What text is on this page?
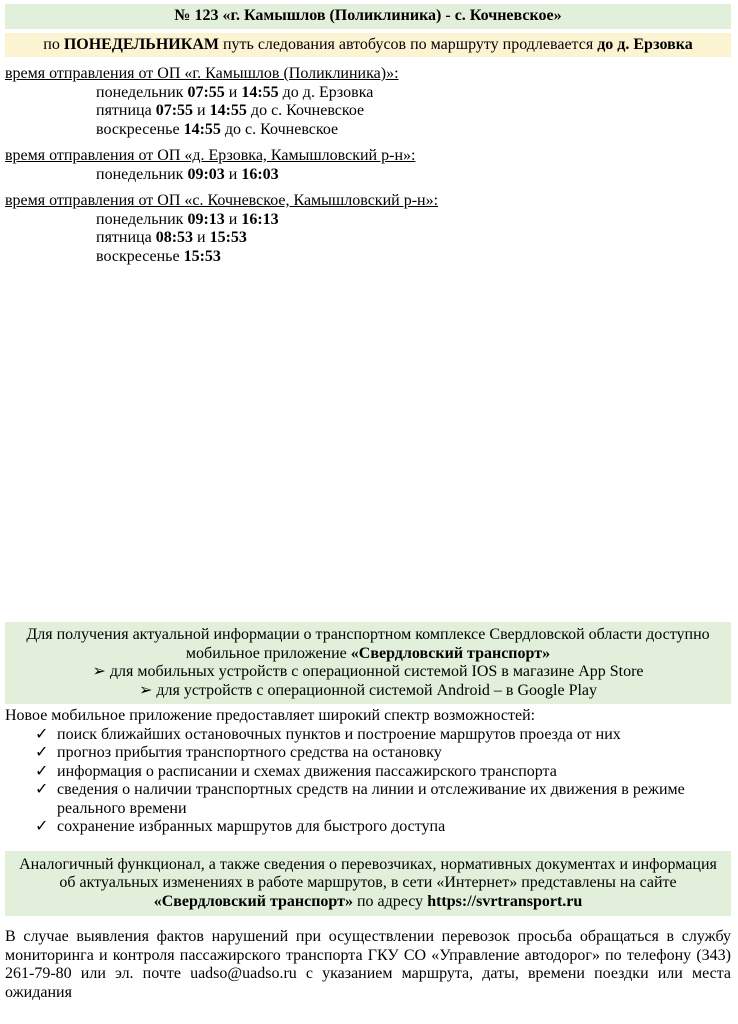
№ 123 «г. Камышлов (Поликлиника) - с. Кочневское»
по ПОНЕДЕЛЬНИКАМ путь следования автобусов по маршруту продлевается до д. Ерзовка
время отправления от ОП «г. Камышлов (Поликлиника)»:
понедельник 07:55 и 14:55 до д. Ерзовка
пятница 07:55 и 14:55 до с. Кочневское
воскресенье 14:55 до с. Кочневское
время отправления от ОП «д. Ерзовка, Камышловский р-н»:
понедельник 09:03 и 16:03
время отправления от ОП «с. Кочневское, Камышловский р-н»:
понедельник 09:13 и 16:13
пятница 08:53 и 15:53
воскресенье 15:53
Для получения актуальной информации о транспортном комплексе Свердловской области доступно мобильное приложение «Свердловский транспорт»
➢ для мобильных устройств с операционной системой IOS в магазине App Store
➢ для устройств с операционной системой Android – в Google Play
Новое мобильное приложение предоставляет широкий спектр возможностей:
✓ поиск ближайших остановочных пунктов и построение маршрутов проезда от них
✓ прогноз прибытия транспортного средства на остановку
✓ информация о расписании и схемах движения пассажирского транспорта
✓ сведения о наличии транспортных средств на линии и отслеживание их движения в режиме реального времени
✓ сохранение избранных маршрутов для быстрого доступа
Аналогичный функционал, а также сведения о перевозчиках, нормативных документах и информация об актуальных изменениях в работе маршрутов, в сети «Интернет» представлены на сайте «Свердловский транспорт» по адресу https://svrtransport.ru

В случае выявления фактов нарушений при осуществлении перевозок просьба обращаться в службу мониторинга и контроля пассажирского транспорта ГКУ СО «Управление автодорог» по телефону (343) 261-79-80 или эл. почте uadso@uadso.ru с указанием маршрута, даты, времени поездки или места ожидания
